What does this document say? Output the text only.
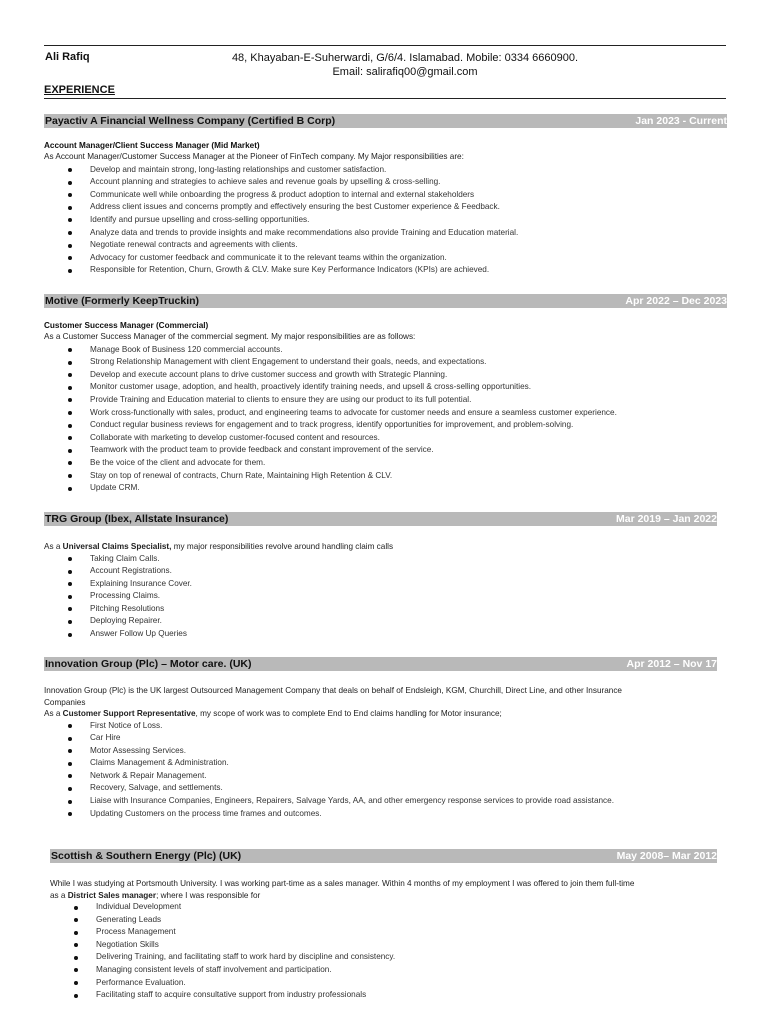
Ali Rafiq	48, Khayaban-E-Suherwardi, G/6/4. Islamabad. Mobile: 0334 6660900.
Email: salirafiq00@gmail.com
EXPERIENCE
Payactiv A Financial Wellness Company (Certified B Corp)	Jan 2023 - Current
Account Manager/Client Success Manager (Mid Market)
As Account Manager/Customer Success Manager at the Pioneer of FinTech company. My Major responsibilities are:
Develop and maintain strong, long-lasting relationships and customer satisfaction.
Account planning and strategies to achieve sales and revenue goals by upselling & cross-selling.
Communicate well while onboarding the progress & product adoption to internal and external stakeholders
Address client issues and concerns promptly and effectively ensuring the best Customer experience & Feedback.
Identify and pursue upselling and cross-selling opportunities.
Analyze data and trends to provide insights and make recommendations also provide Training and Education material.
Negotiate renewal contracts and agreements with clients.
Advocacy for customer feedback and communicate it to the relevant teams within the organization.
Responsible for Retention, Churn, Growth & CLV. Make sure Key Performance Indicators (KPIs) are achieved.
Motive (Formerly KeepTruckin)	Apr 2022 – Dec 2023
Customer Success Manager (Commercial)
As a Customer Success Manager of the commercial segment. My major responsibilities are as follows:
Manage Book of Business 120 commercial accounts.
Strong Relationship Management with client Engagement to understand their goals, needs, and expectations.
Develop and execute account plans to drive customer success and growth with Strategic Planning.
Monitor customer usage, adoption, and health, proactively identify training needs, and upsell & cross-selling opportunities.
Provide Training and Education material to clients to ensure they are using our product to its full potential.
Work cross-functionally with sales, product, and engineering teams to advocate for customer needs and ensure a seamless customer experience.
Conduct regular business reviews for engagement and to track progress, identify opportunities for improvement, and problem-solving.
Collaborate with marketing to develop customer-focused content and resources.
Teamwork with the product team to provide feedback and constant improvement of the service.
Be the voice of the client and advocate for them.
Stay on top of renewal of contracts, Churn Rate, Maintaining High Retention & CLV.
Update CRM.
TRG Group (Ibex, Allstate Insurance)	Mar 2019 – Jan 2022
As a Universal Claims Specialist, my major responsibilities revolve around handling claim calls
Taking Claim Calls.
Account Registrations.
Explaining Insurance Cover.
Processing Claims.
Pitching Resolutions
Deploying Repairer.
Answer Follow Up Queries
Innovation Group (Plc) – Motor care. (UK)	Apr 2012 – Nov 17
Innovation Group (Plc) is the UK largest Outsourced Management Company that deals on behalf of Endsleigh, KGM, Churchill, Direct Line, and other Insurance
Companies
As a Customer Support Representative, my scope of work was to complete End to End claims handling for Motor insurance;
First Notice of Loss.
Car Hire
Motor Assessing Services.
Claims Management & Administration.
Network & Repair Management.
Recovery, Salvage, and settlements.
Liaise with Insurance Companies, Engineers, Repairers, Salvage Yards, AA, and other emergency response services to provide road assistance.
Updating Customers on the process time frames and outcomes.
Scottish & Southern Energy (Plc) (UK)	May 2008– Mar 2012
While I was studying at Portsmouth University. I was working part-time as a sales manager. Within 4 months of my employment I was offered to join them full-time
as a District Sales manager; where I was responsible for
Individual Development
Generating Leads
Process Management
Negotiation Skills
Delivering Training, and facilitating staff to work hard by discipline and consistency.
Managing consistent levels of staff involvement and participation.
Performance Evaluation.
Facilitating staff to acquire consultative support from industry professionals
